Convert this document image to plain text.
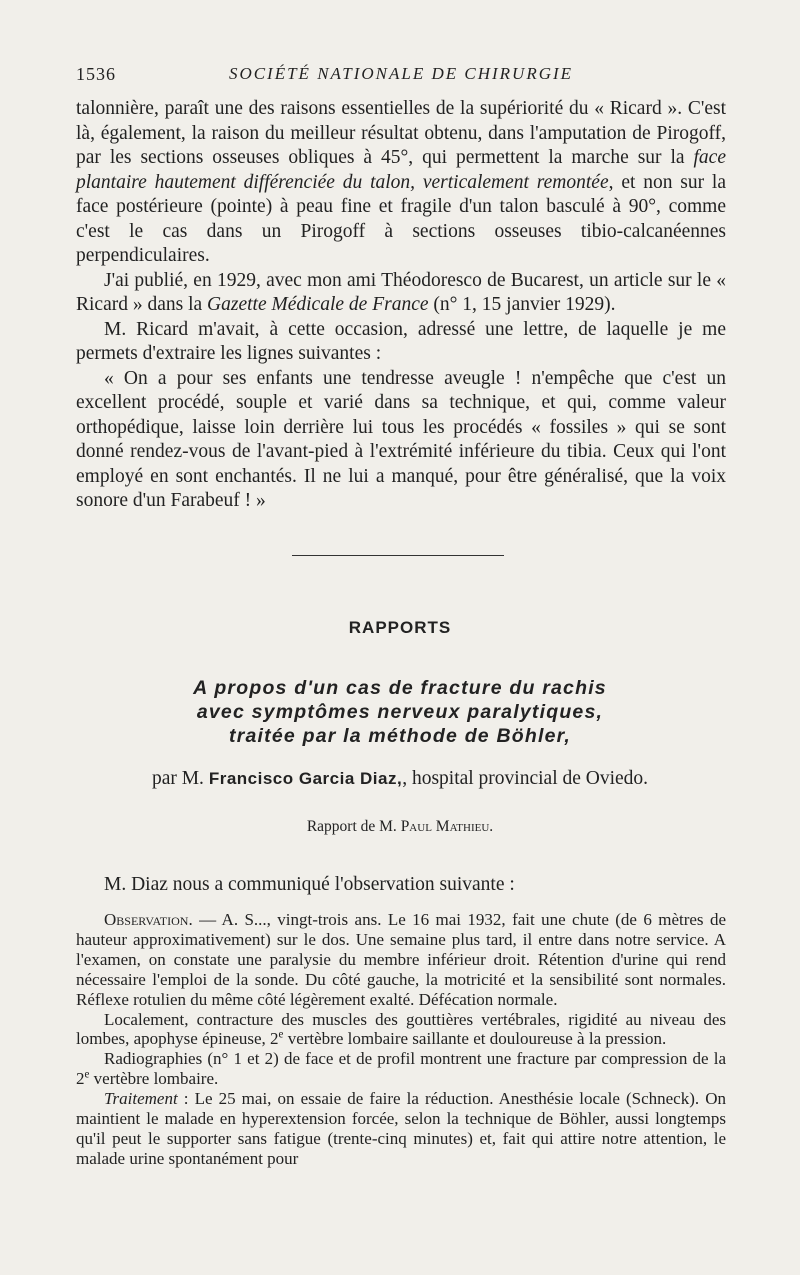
1536	SOCIÉTÉ NATIONALE DE CHIRURGIE

talonnière, paraît une des raisons essentielles de la supériorité du « Ricard ». C'est là, également, la raison du meilleur résultat obtenu, dans l'amputation de Pirogoff, par les sections osseuses obliques à 45°, qui permettent la marche sur la face plantaire hautement différenciée du talon, verticalement remontée, et non sur la face postérieure (pointe) à peau fine et fragile d'un talon basculé à 90°, comme c'est le cas dans un Pirogoff à sections osseuses tibio-calcanéennes perpendiculaires.

J'ai publié, en 1929, avec mon ami Théodoresco de Bucarest, un article sur le « Ricard » dans la Gazette Médicale de France (n° 1, 15 janvier 1929).

M. Ricard m'avait, à cette occasion, adressé une lettre, de laquelle je me permets d'extraire les lignes suivantes :

« On a pour ses enfants une tendresse aveugle ! n'empêche que c'est un excellent procédé, souple et varié dans sa technique, et qui, comme valeur orthopédique, laisse loin derrière lui tous les procédés « fossiles » qui se sont donné rendez-vous de l'avant-pied à l'extrémité inférieure du tibia. Ceux qui l'ont employé en sont enchantés. Il ne lui a manqué, pour être généralisé, que la voix sonore d'un Farabeuf ! »

RAPPORTS
A propos d'un cas de fracture du rachis
avec symptômes nerveux paralytiques,
traitée par la méthode de Böhler,
par M. Francisco Garcia Diaz,, hospital provincial de Oviedo.
Rapport de M. Paul Mathieu.

M. Diaz nous a communiqué l'observation suivante :

Observation. — A. S..., vingt-trois ans. Le 16 mai 1932, fait une chute (de 6 mètres de hauteur approximativement) sur le dos. Une semaine plus tard, il entre dans notre service. A l'examen, on constate une paralysie du membre inférieur droit. Rétention d'urine qui rend nécessaire l'emploi de la sonde. Du côté gauche, la motricité et la sensibilité sont normales. Réflexe rotulien du même côté légèrement exalté. Défécation normale.

Localement, contracture des muscles des gouttières vertébrales, rigidité au niveau des lombes, apophyse épineuse, 2e vertèbre lombaire saillante et douloureuse à la pression.

Radiographies (n° 1 et 2) de face et de profil montrent une fracture par compression de la 2e vertèbre lombaire.

Traitement : Le 25 mai, on essaie de faire la réduction. Anesthésie locale (Schneck). On maintient le malade en hyperextension forcée, selon la technique de Böhler, aussi longtemps qu'il peut le supporter sans fatigue (trente-cinq minutes) et, fait qui attire notre attention, le malade urine spontanément pour
